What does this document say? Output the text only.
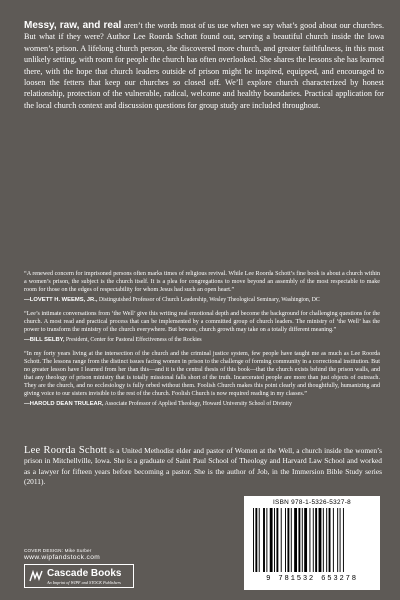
Messy, raw, and real aren’t the words most of us use when we say what’s good about our churches. But what if they were? Author Lee Roorda Schott found out, serving a beautiful church inside the Iowa women’s prison. A lifelong church person, she discovered more church, and greater faithfulness, in this most unlikely setting, with room for people the church has often overlooked. She shares the lessons she has learned there, with the hope that church leaders outside of prison might be inspired, equipped, and encouraged to loosen the fetters that keep our churches so closed off. We’ll explore church characterized by honest relationship, protection of the vulnerable, radical, welcome and healthy boundaries. Practical application for the local church context and discussion questions for group study are included throughout.

“A renewed concern for imprisoned persons often marks times of religious revival. While Lee Roorda Schott’s fine book is about a church within a women’s prison, the subject is the church itself. It is a plea for congregations to move beyond an assembly of the most respectable to make room for those on the edges of respectability for whom Jesus had such an open heart.”

—LOVETT H. WEEMS, JR., Distinguished Professor of Church Leadership, Wesley Theological Seminary, Washington, DC

“Lee’s intimate conversations from ‘the Well’ give this writing real emotional depth and become the background for challenging questions for the church. A most read and practical process that can be implemented by a committed group of church leaders. The ministry of ‘the Well’ has the power to transform the ministry of the church everywhere. But beware, church growth may take on a totally different meaning.”

—BILL SELBY, President, Center for Pastoral Effectiveness of the Rockies

“In my forty years living at the intersection of the church and the criminal justice system, few people have taught me as much as Lee Roorda Schott. The lessons range from the distinct issues facing women in prison to the challenge of forming community in a correctional institution. But no greater lesson have I learned from her than this—and it is the central thesis of this book—that the church exists behind the prison walls, and that any theology of prison ministry that is totally missional falls short of the truth. Incarcerated people are more than just objects of outreach. They are the church, and no ecclesiology is fully orbed without them. Foolish Church makes this point clearly and thoughtfully, humanizing and giving voice to our sisters invisible to the rest of the church. Foolish Church is now required reading in my classes.”

—HAROLD DEAN TRULEAR, Associate Professor of Applied Theology, Howard University School of Divinity
Lee Roorda Schott is a United Methodist elder and pastor of Women at the Well, a church inside the women’s prison in Mitchellville, Iowa. She is a graduate of Saint Paul School of Theology and Harvard Law School and worked as a lawyer for fifteen years before becoming a pastor. She is the author of Job, in the Immersion Bible Study series (2011).
COVER DESIGN: Mike Surber
www.wipfandstock.com
Cascade Books
An Imprint of WIPF and STOCK Publishers
ISBN 978-1-5326-5327-8
9 781532 653278
